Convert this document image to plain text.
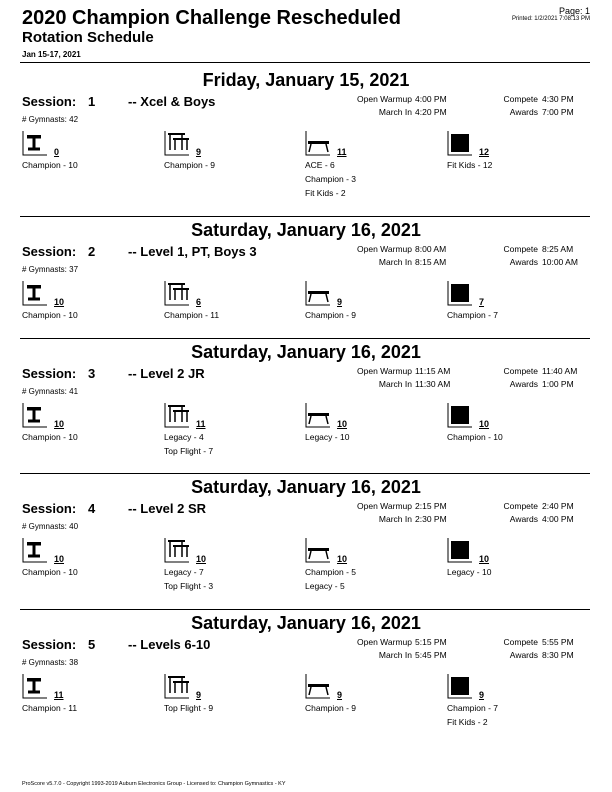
2020 Champion Challenge Rescheduled
Rotation Schedule
Jan 15-17, 2021
Page: 1
Printed: 1/2/2021 7:08:13 PM
Friday, January 15, 2021
Session: 1	-- Xcel & Boys
# Gymnasts: 42
Open Warmup 4:00 PM
March In 4:20 PM
Compete 4:30 PM
Awards 7:00 PM
0
Champion - 10
9
Champion - 9
11
ACE - 6
Champion - 3
Fit Kids - 2
12
Fit Kids - 12
Saturday, January 16, 2021
Session: 2	-- Level 1, PT, Boys 3
# Gymnasts: 37
Open Warmup 8:00 AM
March In 8:15 AM
Compete 8:25 AM
Awards 10:00 AM
10
Champion - 10
6
Champion - 11
9
Champion - 9
7
Champion - 7
Saturday, January 16, 2021
Session: 3	-- Level 2 JR
# Gymnasts: 41
Open Warmup 11:15 AM
March In 11:30 AM
Compete 11:40 AM
Awards 1:00 PM
10
Champion - 10
11
Legacy - 4
Top Flight - 7
10
Legacy - 10
10
Champion - 10
Saturday, January 16, 2021
Session: 4	-- Level 2 SR
# Gymnasts: 40
Open Warmup 2:15 PM
March In 2:30 PM
Compete 2:40 PM
Awards 4:00 PM
10
Champion - 10
10
Legacy - 7
Top Flight - 3
10
Champion - 5
Legacy - 5
10
Legacy - 10
Saturday, January 16, 2021
Session: 5	-- Levels 6-10
# Gymnasts: 38
Open Warmup 5:15 PM
March In 5:45 PM
Compete 5:55 PM
Awards 8:30 PM
11
Champion - 11
9
Top Flight - 9
9
Champion - 9
9
Champion - 7
Fit Kids - 2
ProScore v5.7.0 - Copyright 1993-2019 Auburn Electronics Group - Licensed to: Champion Gymnastics - KY
